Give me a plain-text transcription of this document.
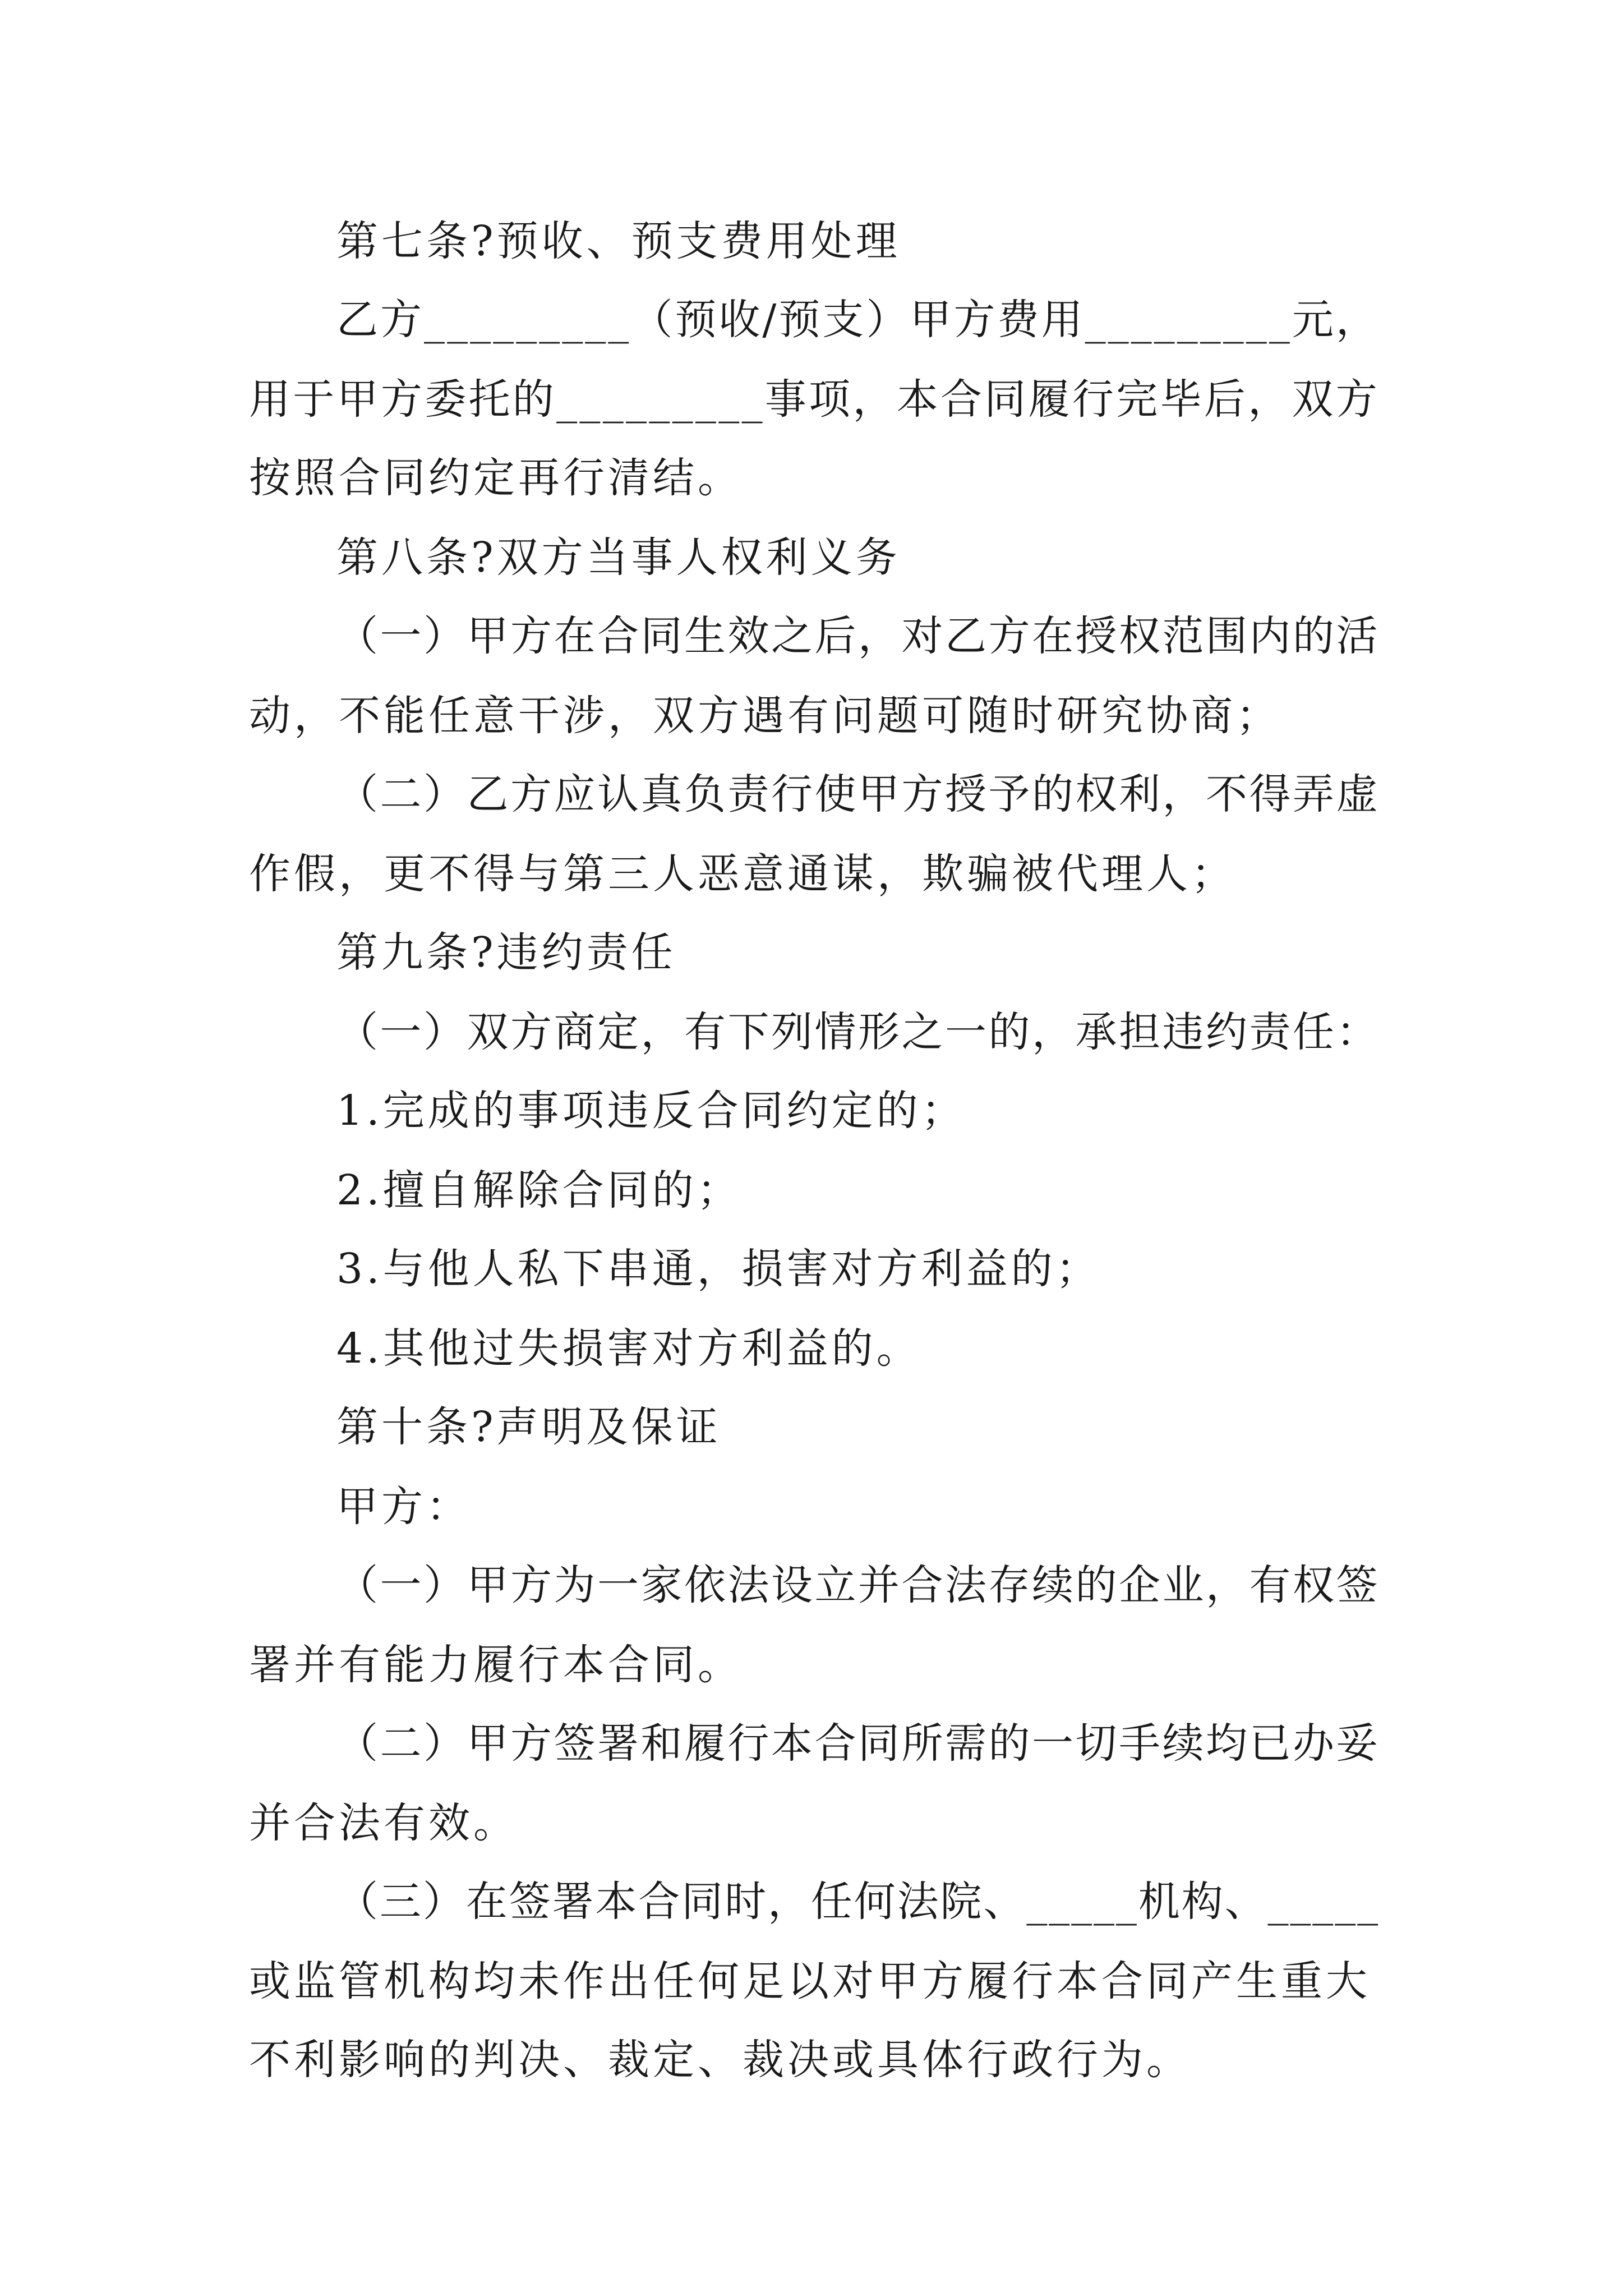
第七条?预收、预支费用处理
乙方_________（预收/预支）甲方费用_________元，
用于甲方委托的_________事项，本合同履行完毕后，双方
按照合同约定再行清结。
第八条?双方当事人权利义务
（一）甲方在合同生效之后，对乙方在授权范围内的活
动，不能任意干涉，双方遇有问题可随时研究协商；
（二）乙方应认真负责行使甲方授予的权利，不得弄虚
作假，更不得与第三人恶意通谋，欺骗被代理人；
第九条?违约责任
（一）双方商定，有下列情形之一的，承担违约责任：
1.完成的事项违反合同约定的；
2.擅自解除合同的；
3.与他人私下串通，损害对方利益的；
4.其他过失损害对方利益的。
第十条?声明及保证
甲方：
（一）甲方为一家依法设立并合法存续的企业，有权签
署并有能力履行本合同。
（二）甲方签署和履行本合同所需的一切手续均已办妥
并合法有效。
（三）在签署本合同时，任何法院、_____机构、_____
或监管机构均未作出任何足以对甲方履行本合同产生重大
不利影响的判决、裁定、裁决或具体行政行为。
